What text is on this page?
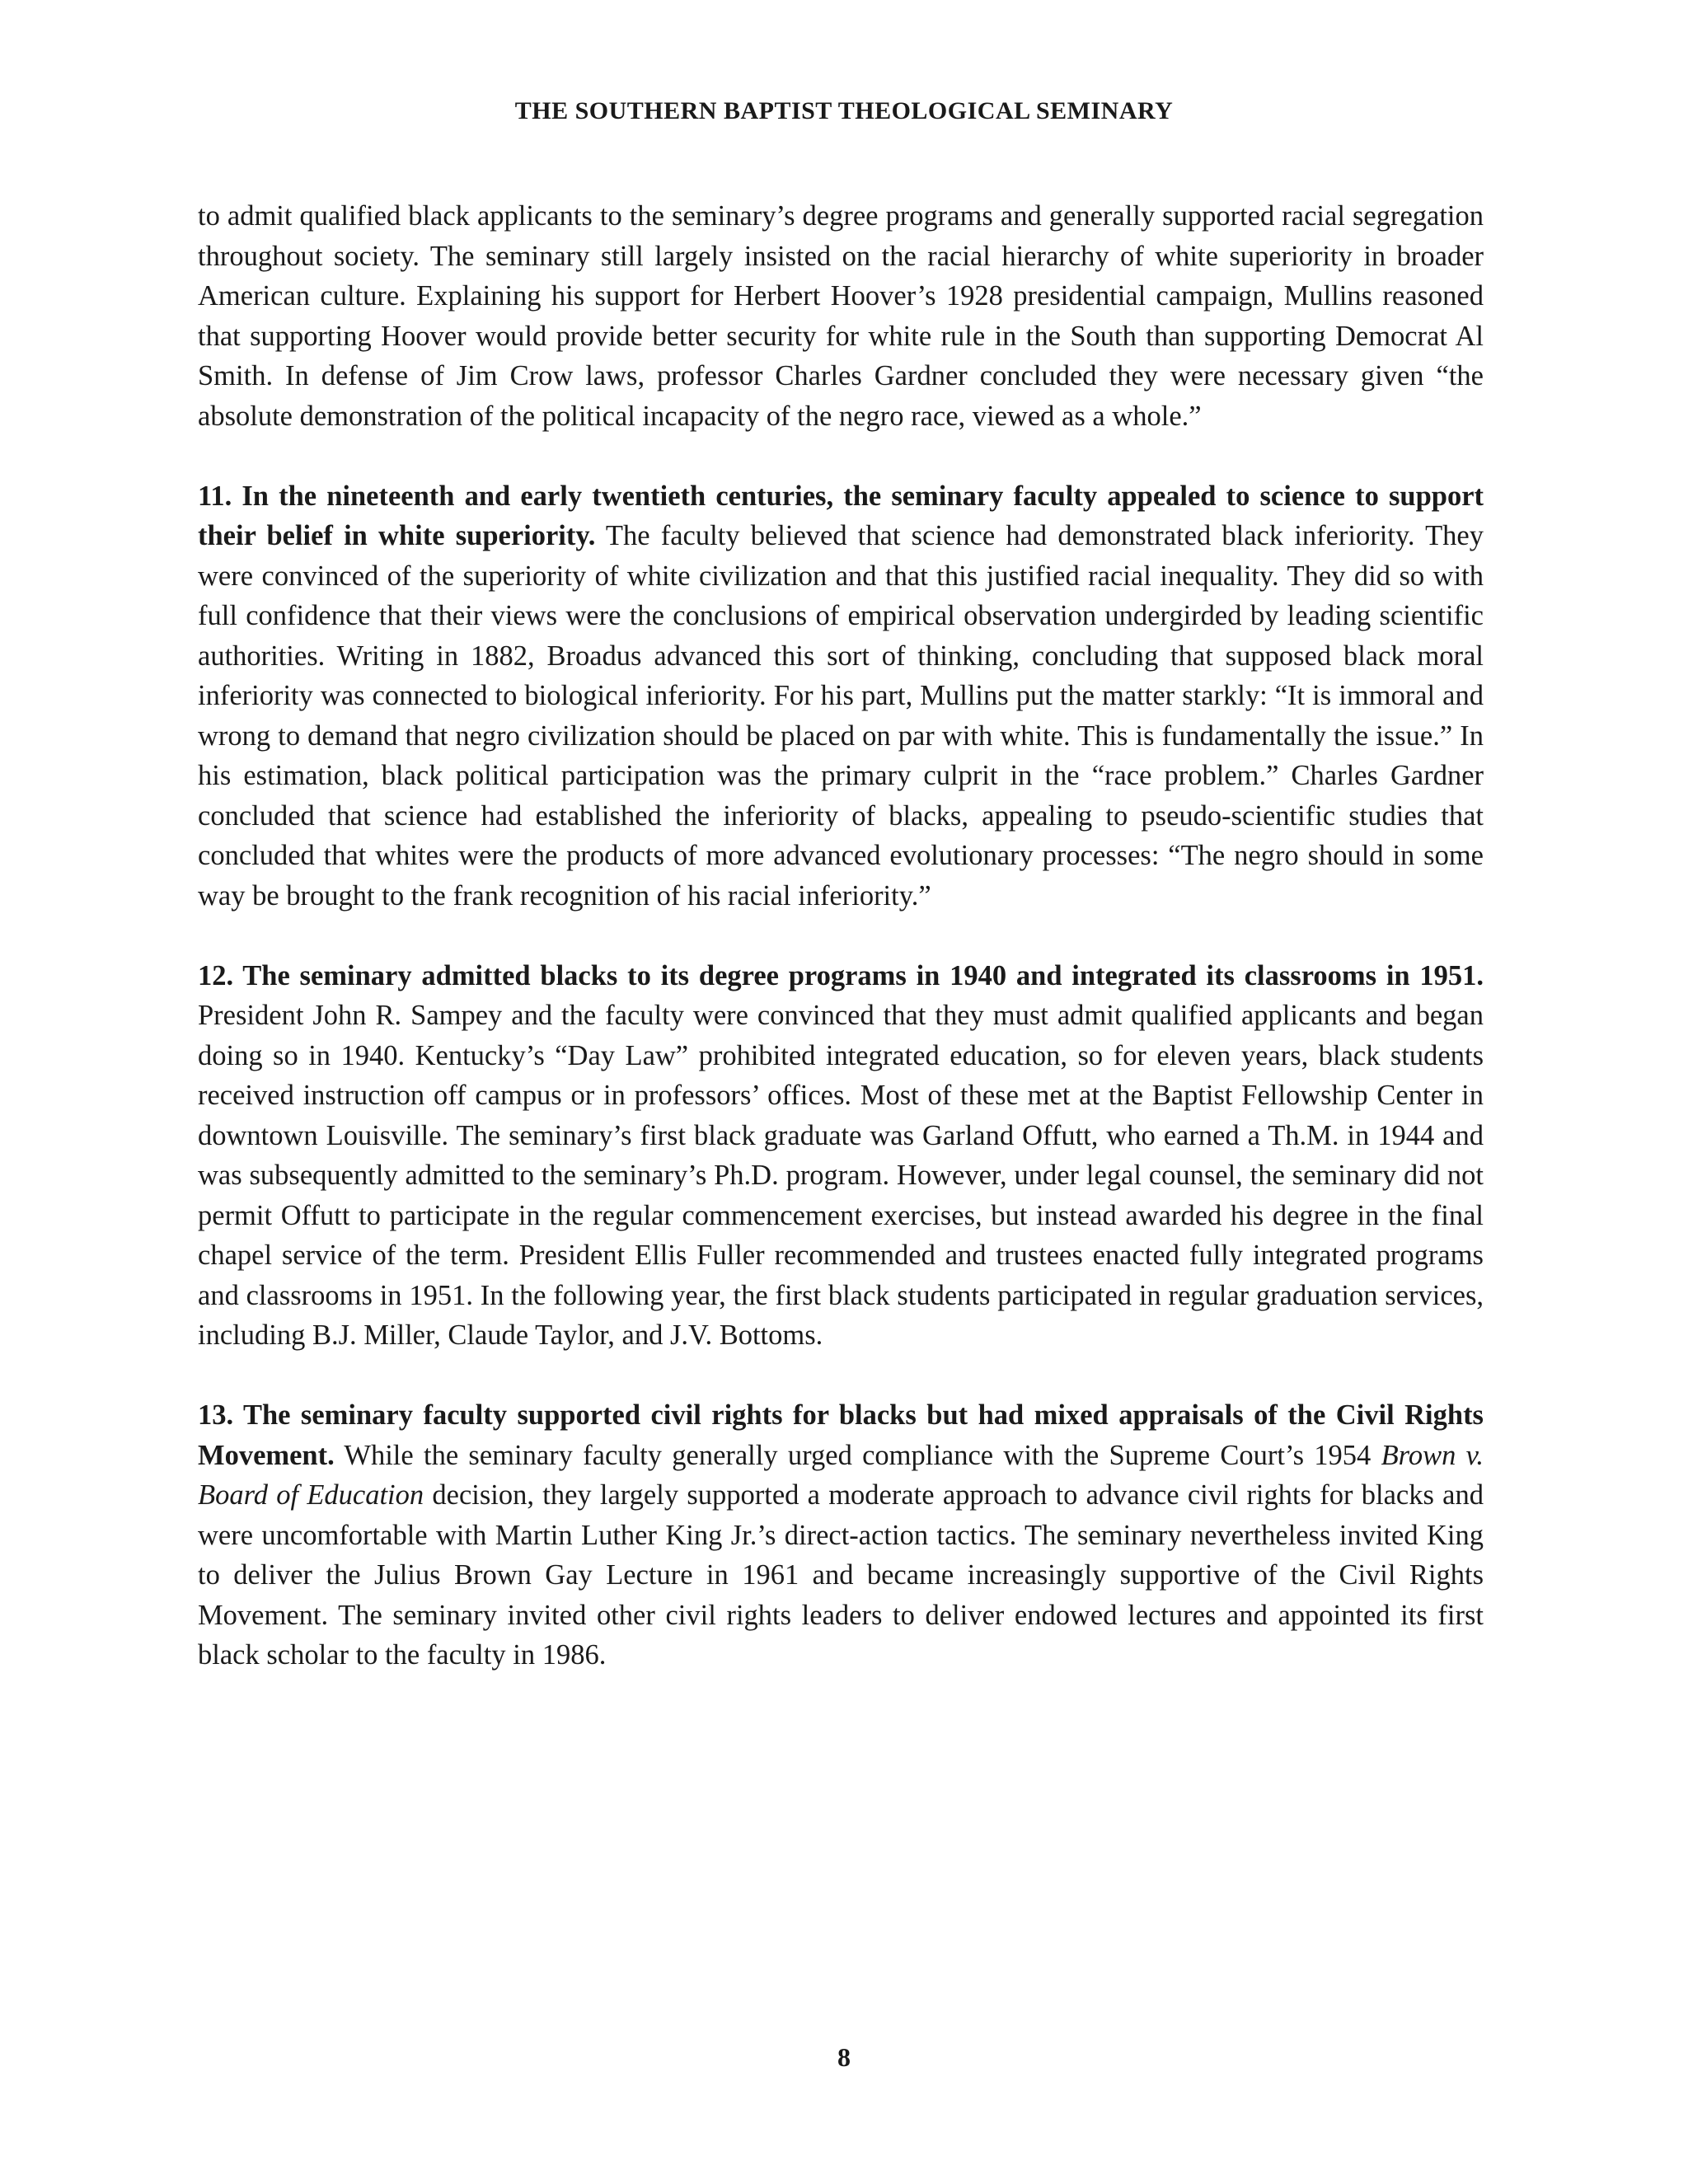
THE SOUTHERN BAPTIST THEOLOGICAL SEMINARY

to admit qualified black applicants to the seminary’s degree programs and generally supported racial segregation throughout society. The seminary still largely insisted on the racial hierarchy of white superiority in broader American culture. Explaining his support for Herbert Hoover’s 1928 presidential campaign, Mullins reasoned that supporting Hoover would provide better security for white rule in the South than supporting Democrat Al Smith. In defense of Jim Crow laws, professor Charles Gardner concluded they were necessary given “the absolute demonstration of the political incapacity of the negro race, viewed as a whole.”

11. In the nineteenth and early twentieth centuries, the seminary faculty appealed to science to support their belief in white superiority. The faculty believed that science had demonstrated black inferiority. They were convinced of the superiority of white civilization and that this justified racial inequality. They did so with full confidence that their views were the conclusions of empirical observation undergirded by leading scientific authorities. Writing in 1882, Broadus advanced this sort of thinking, concluding that supposed black moral inferiority was connected to biological inferiority. For his part, Mullins put the matter starkly: “It is immoral and wrong to demand that negro civilization should be placed on par with white. This is fundamentally the issue.” In his estimation, black political participation was the primary culprit in the “race problem.” Charles Gardner concluded that science had established the inferiority of blacks, appealing to pseudo-scientific studies that concluded that whites were the products of more advanced evolutionary processes: “The negro should in some way be brought to the frank recognition of his racial inferiority.”

12. The seminary admitted blacks to its degree programs in 1940 and integrated its classrooms in 1951. President John R. Sampey and the faculty were convinced that they must admit qualified applicants and began doing so in 1940. Kentucky’s “Day Law” prohibited integrated education, so for eleven years, black students received instruction off campus or in professors’ offices. Most of these met at the Baptist Fellowship Center in downtown Louisville. The seminary’s first black graduate was Garland Offutt, who earned a Th.M. in 1944 and was subsequently admitted to the seminary’s Ph.D. program. However, under legal counsel, the seminary did not permit Offutt to participate in the regular commencement exercises, but instead awarded his degree in the final chapel service of the term. President Ellis Fuller recommended and trustees enacted fully integrated programs and classrooms in 1951. In the following year, the first black students participated in regular graduation services, including B.J. Miller, Claude Taylor, and J.V. Bottoms.

13. The seminary faculty supported civil rights for blacks but had mixed appraisals of the Civil Rights Movement. While the seminary faculty generally urged compliance with the Supreme Court’s 1954 Brown v. Board of Education decision, they largely supported a moderate approach to advance civil rights for blacks and were uncomfortable with Martin Luther King Jr.’s direct-action tactics. The seminary nevertheless invited King to deliver the Julius Brown Gay Lecture in 1961 and became increasingly supportive of the Civil Rights Movement. The seminary invited other civil rights leaders to deliver endowed lectures and appointed its first black scholar to the faculty in 1986.

8
